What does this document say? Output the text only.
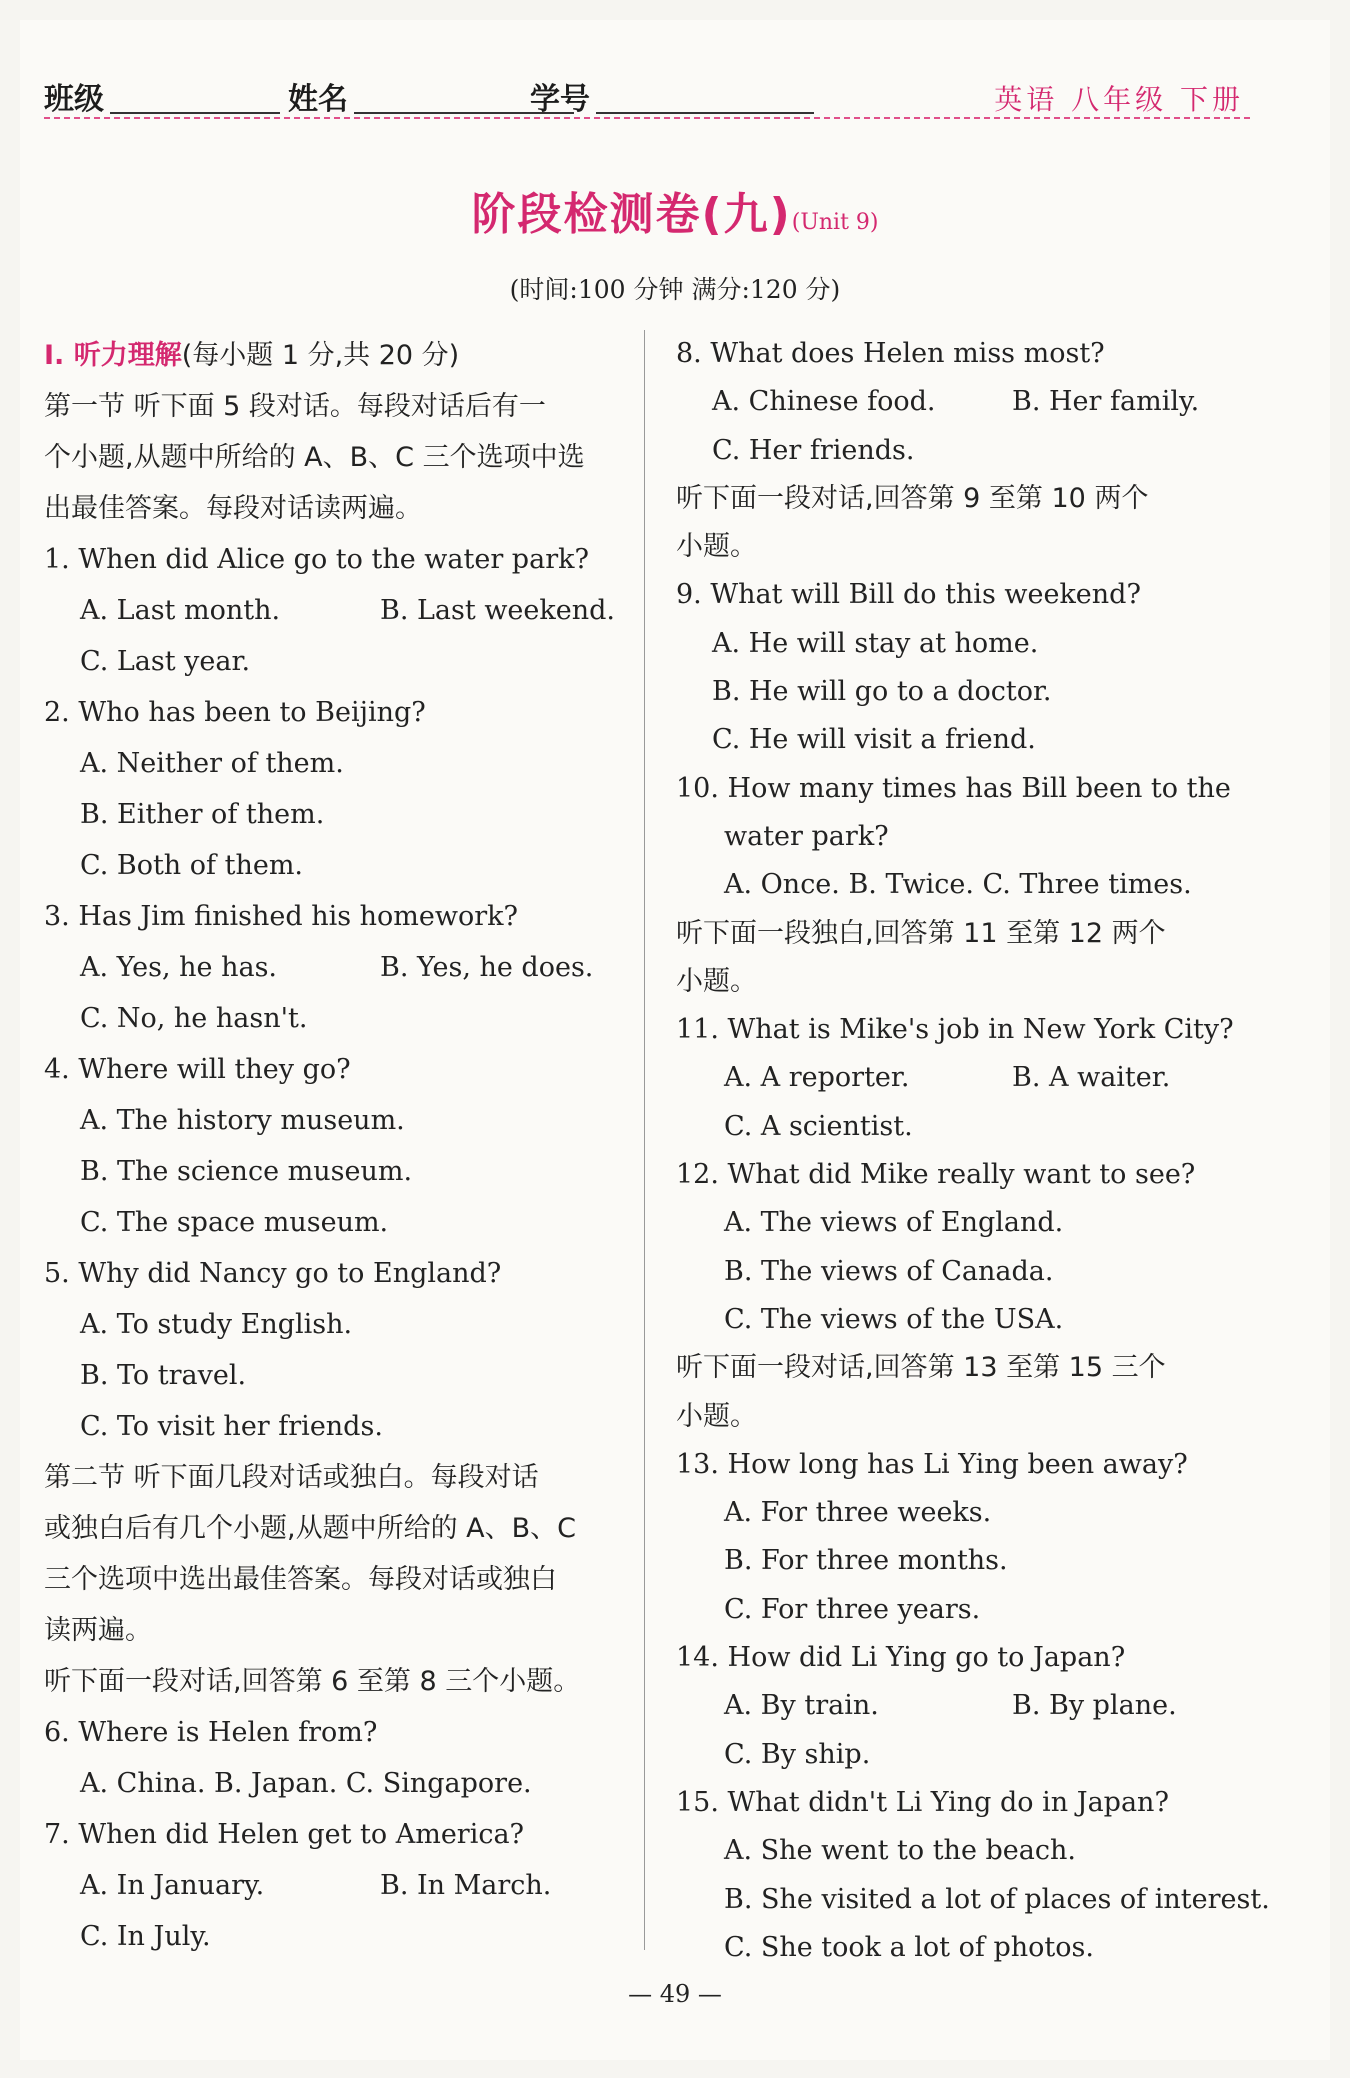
班级	姓名	学号	英语 八年级 下册
阶段检测卷(九)(Unit 9)
(时间:100 分钟 满分:120 分)
Ⅰ. 听力理解(每小题 1 分,共 20 分)
第一节 听下面 5 段对话。每段对话后有一
个小题,从题中所给的 A、B、C 三个选项中选
出最佳答案。每段对话读两遍。
1. When did Alice go to the water park?
A. Last month.	B. Last weekend.
C. Last year.
2. Who has been to Beijing?
A. Neither of them.
B. Either of them.
C. Both of them.
3. Has Jim finished his homework?
A. Yes, he has.	B. Yes, he does.
C. No, he hasn't.
4. Where will they go?
A. The history museum.
B. The science museum.
C. The space museum.
5. Why did Nancy go to England?
A. To study English.
B. To travel.
C. To visit her friends.
第二节 听下面几段对话或独白。每段对话
或独白后有几个小题,从题中所给的 A、B、C
三个选项中选出最佳答案。每段对话或独白
读两遍。
听下面一段对话,回答第 6 至第 8 三个小题。
6. Where is Helen from?
A. China. B. Japan. C. Singapore.
7. When did Helen get to America?
A. In January.	B. In March.
C. In July.
8. What does Helen miss most?
A. Chinese food.	B. Her family.
C. Her friends.
听下面一段对话,回答第 9 至第 10 两个
小题。
9. What will Bill do this weekend?
A. He will stay at home.
B. He will go to a doctor.
C. He will visit a friend.
10. How many times has Bill been to the
water park?
A. Once. B. Twice. C. Three times.
听下面一段独白,回答第 11 至第 12 两个
小题。
11. What is Mike's job in New York City?
A. A reporter.	B. A waiter.
C. A scientist.
12. What did Mike really want to see?
A. The views of England.
B. The views of Canada.
C. The views of the USA.
听下面一段对话,回答第 13 至第 15 三个
小题。
13. How long has Li Ying been away?
A. For three weeks.
B. For three months.
C. For three years.
14. How did Li Ying go to Japan?
A. By train.	B. By plane.
C. By ship.
15. What didn't Li Ying do in Japan?
A. She went to the beach.
B. She visited a lot of places of interest.
C. She took a lot of photos.
— 49 —
